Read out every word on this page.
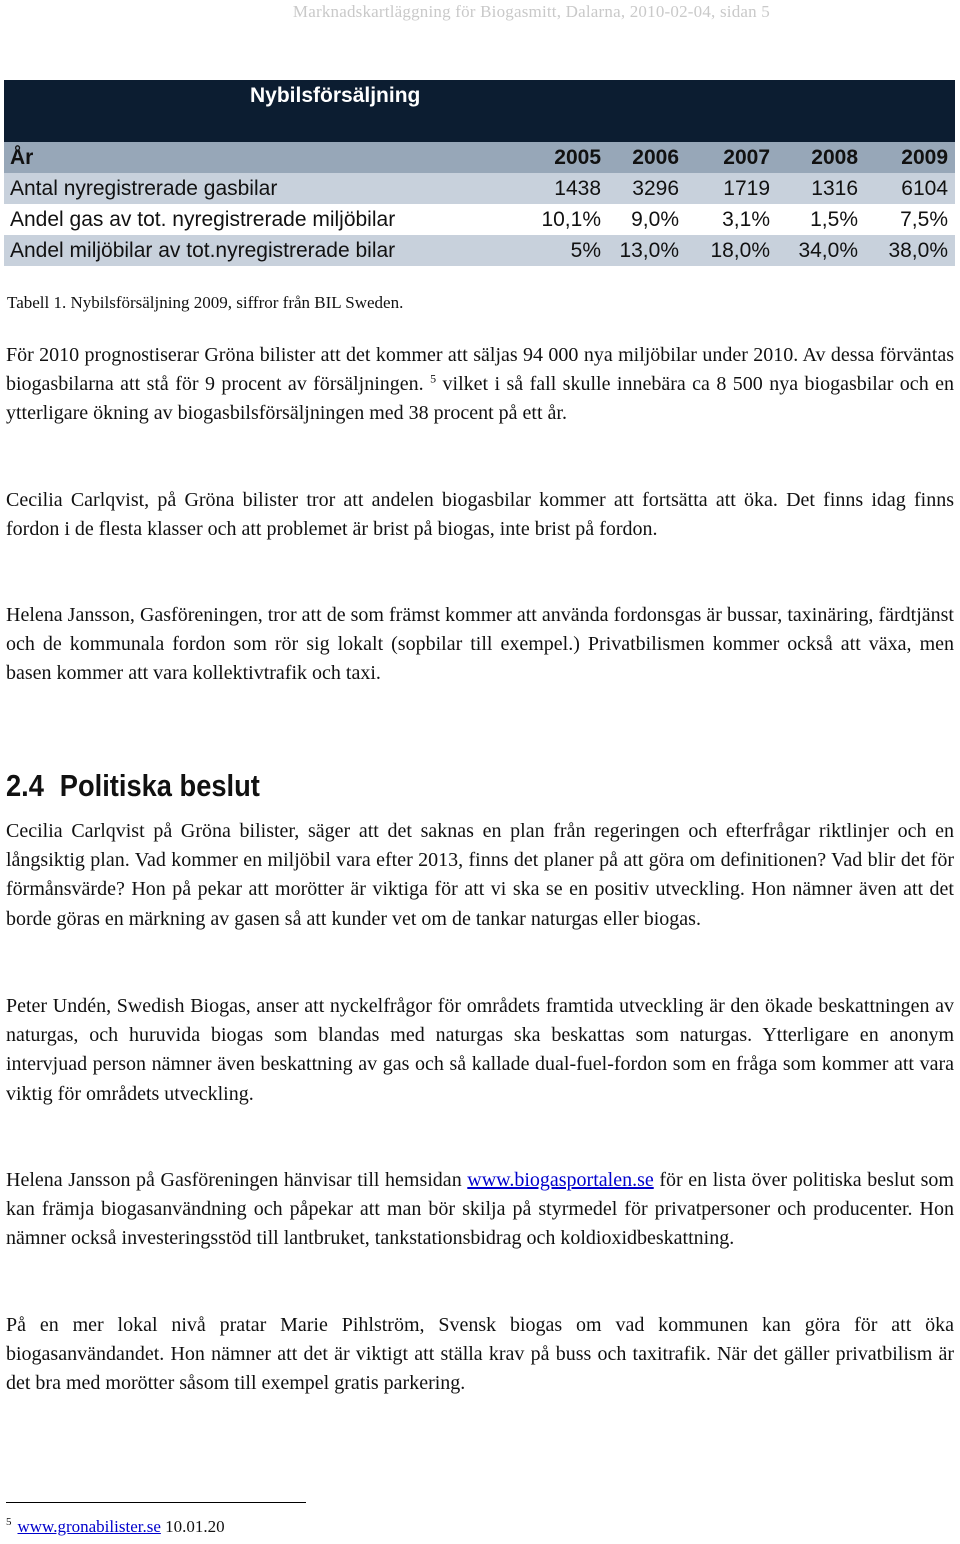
Marknadskartläggning för Biogasmitt, Dalarna, 2010-02-04, sidan 5
Nybilsförsäljning
År	2005	2006	2007	2008	2009
Antal nyregistrerade gasbilar	1438	3296	1719	1316	6104
Andel gas av tot. nyregistrerade miljöbilar	10,1%	9,0%	3,1%	1,5%	7,5%
Andel miljöbilar av tot.nyregistrerade bilar	5% 13,0%	18,0%	34,0%	38,0%
Tabell 1. Nybilsförsäljning 2009, siffror från BIL Sweden.
För 2010 prognostiserar Gröna bilister att det kommer att säljas 94 000 nya miljöbilar under 2010. Av dessa förväntas biogasbilarna att stå för 9 procent av försäljningen. $^5$ vilket i så fall skulle innebära ca 8 500 nya biogasbilar och en ytterligare ökning av biogasbilsförsäljningen med 38 procent på ett år.
Cecilia Carlqvist, på Gröna bilister tror att andelen biogasbilar kommer att fortsätta att öka. Det finns idag finns fordon i de flesta klasser och att problemet är brist på biogas, inte brist på fordon.
Helena Jansson, Gasföreningen, tror att de som främst kommer att använda fordonsgas är bussar, taxinäring, färdtjänst och de kommunala fordon som rör sig lokalt (sopbilar till exempel.) Privatbilismen kommer också att växa, men basen kommer att vara kollektivtrafik och taxi.
2.4 Politiska beslut
Cecilia Carlqvist på Gröna bilister, säger att det saknas en plan från regeringen och efterfrågar riktlinjer och en långsiktig plan. Vad kommer en miljöbil vara efter 2013, finns det planer på att göra om definitionen? Vad blir det för förmånsvärde? Hon på pekar att morötter är viktiga för att vi ska se en positiv utveckling. Hon nämner även att det borde göras en märkning av gasen så att kunder vet om de tankar naturgas eller biogas.
Peter Undén, Swedish Biogas, anser att nyckelfrågor för områdets framtida utveckling är den ökade beskattningen av naturgas, och huruvida biogas som blandas med naturgas ska beskattas som naturgas. Ytterligare en anonym intervjuad person nämner även beskattning av gas och så kallade dual-fuel-fordon som en fråga som kommer att vara viktig för områdets utveckling.
Helena Jansson på Gasföreningen hänvisar till hemsidan www.biogasportalen.se för en lista över politiska beslut som kan främja biogasanvändning och påpekar att man bör skilja på styrmedel för privatpersoner och producenter. Hon nämner också investeringsstöd till lantbruket, tankstationsbidrag och koldioxidbeskattning.
På en mer lokal nivå pratar Marie Pihlström, Svensk biogas om vad kommunen kan göra för att öka biogasanvändandet. Hon nämner att det är viktigt att ställa krav på buss och taxitrafik. När det gäller privatbilism är det bra med morötter såsom till exempel gratis parkering.
$^5$ www.gronabilister.se 10.01.20
